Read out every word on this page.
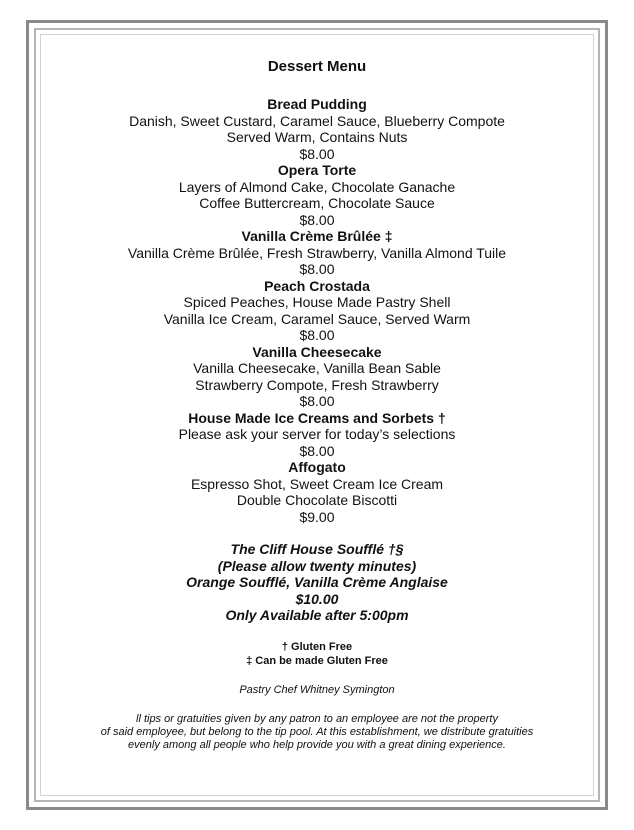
Dessert Menu
Bread Pudding
Danish, Sweet Custard, Caramel Sauce, Blueberry Compote
Served Warm, Contains Nuts
$8.00
Opera Torte
Layers of Almond Cake, Chocolate Ganache
Coffee Buttercream, Chocolate Sauce
$8.00
Vanilla Crème Brûlée ‡
Vanilla Crème Brûlée, Fresh Strawberry, Vanilla Almond Tuile
$8.00
Peach Crostada
Spiced Peaches, House Made Pastry Shell
Vanilla Ice Cream, Caramel Sauce, Served Warm
$8.00
Vanilla Cheesecake
Vanilla Cheesecake, Vanilla Bean Sable
Strawberry Compote, Fresh Strawberry
$8.00
House Made Ice Creams and Sorbets †
Please ask your server for today’s selections
$8.00
Affogato
Espresso Shot, Sweet Cream Ice Cream
Double Chocolate Biscotti
$9.00
The Cliff House Soufflé †§
(Please allow twenty minutes)
Orange Soufflé, Vanilla Crème Anglaise
$10.00
Only Available after 5:00pm
† Gluten Free
‡ Can be made Gluten Free
Pastry Chef Whitney Symington
ll tips or gratuities given by any patron to an employee are not the property
of said employee, but belong to the tip pool. At this establishment, we distribute gratuities
evenly among all people who help provide you with a great dining experience.
